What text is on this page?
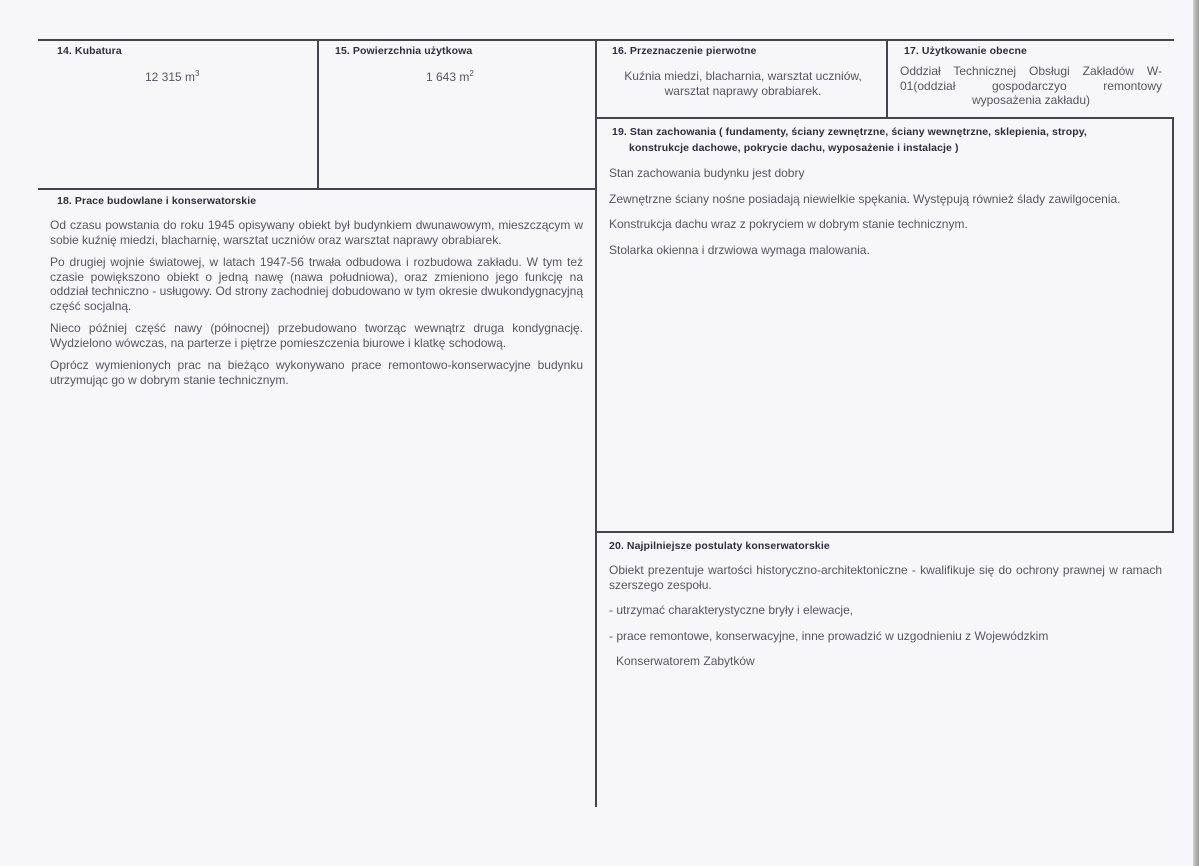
14. Kubatura
12 315 $m^3$
15. Powierzchnia użytkowa
1 643 $m^2$
16. Przeznaczenie pierwotne
Kuźnia miedzi, blacharnia, warsztat uczniów, warsztat naprawy obrabiarek.
17. Użytkowanie obecne
Oddział Technicznej Obsługi Zakładów W-01(oddział gospodarczyo remontowy wyposażenia zakładu)
18. Prace budowlane i konserwatorskie

Od czasu powstania do roku 1945 opisywany obiekt był budynkiem dwunawowym, mieszczącym w sobie kuźnię miedzi, blacharnię, warsztat uczniów oraz warsztat naprawy obrabiarek.

Po drugiej wojnie światowej, w latach 1947-56 trwała odbudowa i rozbudowa zakładu. W tym też czasie powiększono obiekt o jedną nawę (nawa południowa), oraz zmieniono jego funkcję na oddział techniczno - usługowy. Od strony zachodniej dobudowano w tym okresie dwukondygnacyjną część socjalną.

Nieco później część nawy (północnej) przebudowano tworząc wewnątrz druga kondygnację. Wydzielono wówczas, na parterze i piętrze pomieszczenia biurowe i klatkę schodową.

Oprócz wymienionych prac na bieżąco wykonywano prace remontowo-konserwacyjne budynku utrzymując go w dobrym stanie technicznym.

19. Stan zachowania ( fundamenty, ściany zewnętrzne, ściany wewnętrzne, sklepienia, stropy,
konstrukcje dachowe, pokrycie dachu, wyposażenie i instalacje )

Stan zachowania budynku jest dobry

Zewnętrzne ściany nośne posiadają niewielkie spękania. Występują również ślady zawilgocenia.

Konstrukcja dachu wraz z pokryciem w dobrym stanie technicznym.

Stolarka okienna i drzwiowa wymaga malowania.

20. Najpilniejsze postulaty konserwatorskie

Obiekt prezentuje wartości historyczno-architektoniczne - kwalifikuje się do ochrony prawnej w ramach szerszego zespołu.

- utrzymać charakterystyczne bryły i elewacje,

- prace remontowe, konserwacyjne, inne prowadzić w uzgodnieniu z Wojewódzkim

Konserwatorem Zabytków
